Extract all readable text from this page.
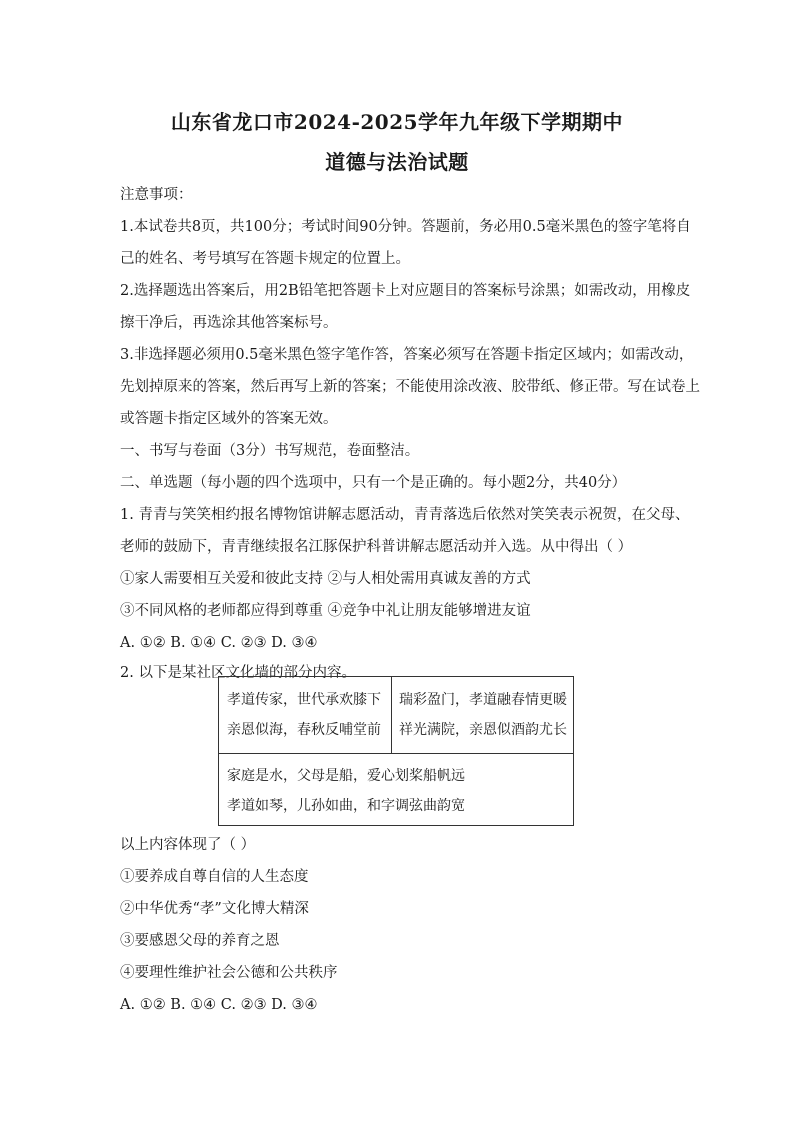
山东省龙口市2024-2025学年九年级下学期期中
道德与法治试题
注意事项：
1.本试卷共8页，共100分；考试时间90分钟。答题前，务必用0.5毫米黑色的签字笔将自
己的姓名、考号填写在答题卡规定的位置上。
2.选择题选出答案后，用2B铅笔把答题卡上对应题目的答案标号涂黑；如需改动，用橡皮
擦干净后，再选涂其他答案标号。
3.非选择题必须用0.5毫米黑色签字笔作答，答案必须写在答题卡指定区域内；如需改动，
先划掉原来的答案，然后再写上新的答案；不能使用涂改液、胶带纸、修正带。写在试卷上
或答题卡指定区域外的答案无效。
一、书写与卷面（3分）书写规范，卷面整洁。
二、单选题（每小题的四个选项中，只有一个是正确的。每小题2分，共40分）
1. 青青与笑笑相约报名博物馆讲解志愿活动，青青落选后依然对笑笑表示祝贺，在父母、
老师的鼓励下，青青继续报名江豚保护科普讲解志愿活动并入选。从中得出（ ）
①家人需要相互关爱和彼此支持 ②与人相处需用真诚友善的方式
③不同风格的老师都应得到尊重 ④竞争中礼让朋友能够增进友谊
A. ①② B. ①④ C. ②③ D. ③④
2. 以下是某社区文化墙的部分内容。
孝道传家，世代承欢膝下
亲恩似海，春秋反哺堂前
瑞彩盈门，孝道融春情更暖
祥光满院，亲恩似酒韵尤长
家庭是水，父母是船，爱心划桨船帆远
孝道如琴，儿孙如曲，和字调弦曲韵宽
以上内容体现了（ ）
①要养成自尊自信的人生态度
②中华优秀“孝”文化博大精深
③要感恩父母的养育之恩
④要理性维护社会公德和公共秩序
A. ①② B. ①④ C. ②③ D. ③④
